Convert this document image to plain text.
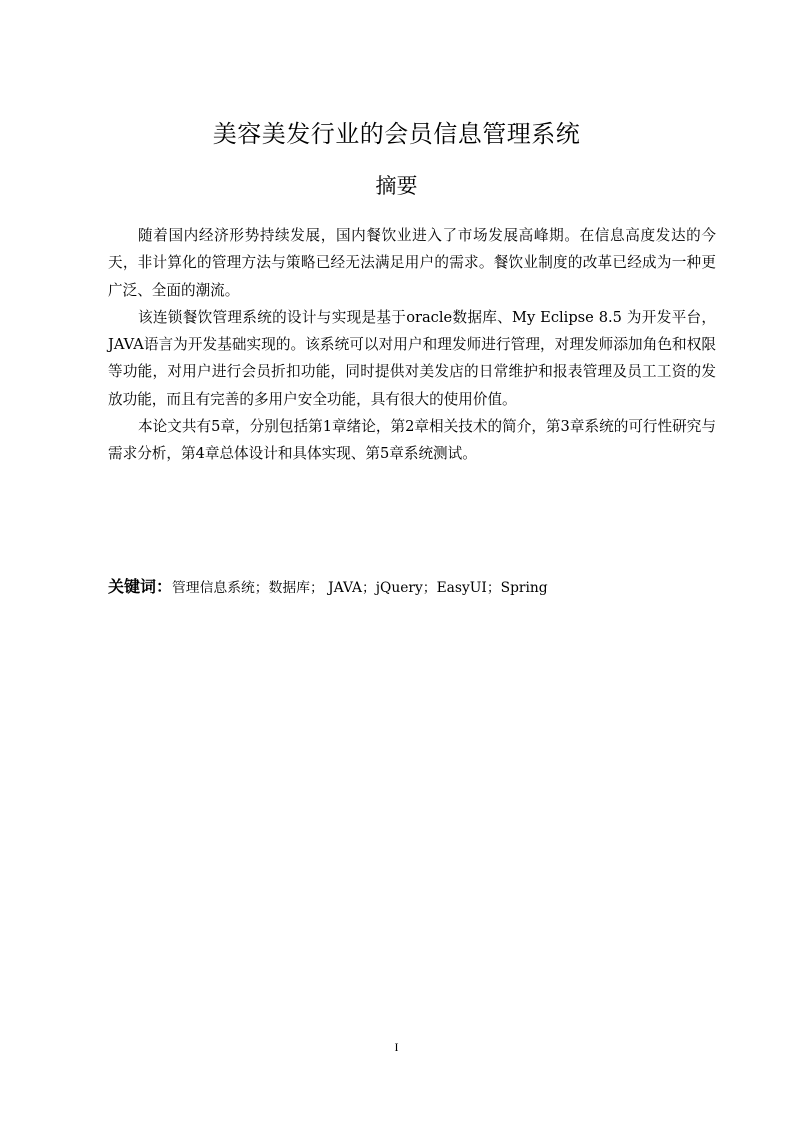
美容美发行业的会员信息管理系统
摘要

随着国内经济形势持续发展，国内餐饮业进入了市场发展高峰期。在信息高度发达的今天，非计算化的管理方法与策略已经无法满足用户的需求。餐饮业制度的改革已经成为一种更广泛、全面的潮流。

该连锁餐饮管理系统的设计与实现是基于oracle数据库、My Eclipse 8.5 为开发平台，JAVA语言为开发基础实现的。该系统可以对用户和理发师进行管理，对理发师添加角色和权限等功能，对用户进行会员折扣功能，同时提供对美发店的日常维护和报表管理及员工工资的发放功能，而且有完善的多用户安全功能，具有很大的使用价值。

本论文共有5章，分别包括第1章绪论，第2章相关技术的简介，第3章系统的可行性研究与需求分析，第4章总体设计和具体实现、第5章系统测试。

关键词：管理信息系统；数据库； JAVA；jQuery；EasyUI；Spring
I
